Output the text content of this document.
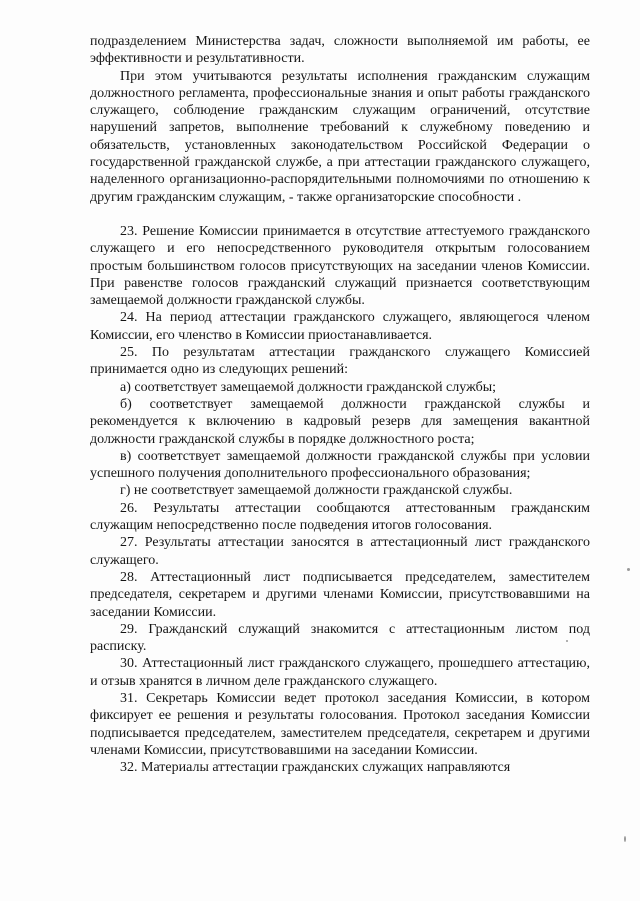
подразделением Министерства задач, сложности выполняемой им работы, ее эффективности и результативности.

При этом учитываются результаты исполнения гражданским служащим должностного регламента, профессиональные знания и опыт работы гражданского служащего, соблюдение гражданским служащим ограничений, отсутствие нарушений запретов, выполнение требований к служебному поведению и обязательств, установленных законодательством Российской Федерации о государственной гражданской службе, а при аттестации гражданского служащего, наделенного организационно-распорядительными полномочиями по отношению к другим гражданским служащим, - также организаторские способности .

23. Решение Комиссии принимается в отсутствие аттестуемого гражданского служащего и его непосредственного руководителя открытым голосованием простым большинством голосов присутствующих на заседании членов Комиссии. При равенстве голосов гражданский служащий признается соответствующим замещаемой должности гражданской службы.

24. На период аттестации гражданского служащего, являющегося членом Комиссии, его членство в Комиссии приостанавливается.

25. По результатам аттестации гражданского служащего Комиссией принимается одно из следующих решений:

а) соответствует замещаемой должности гражданской службы;

б) соответствует замещаемой должности гражданской службы и рекомендуется к включению в кадровый резерв для замещения вакантной должности гражданской службы в порядке должностного роста;

в) соответствует замещаемой должности гражданской службы при условии успешного получения дополнительного профессионального образования;

г) не соответствует замещаемой должности гражданской службы.

26. Результаты аттестации сообщаются аттестованным гражданским служащим непосредственно после подведения итогов голосования.

27. Результаты аттестации заносятся в аттестационный лист гражданского служащего.

28. Аттестационный лист подписывается председателем, заместителем председателя, секретарем и другими членами Комиссии, присутствовавшими на заседании Комиссии.

29. Гражданский служащий знакомится с аттестационным листом под расписку.

30. Аттестационный лист гражданского служащего, прошедшего аттестацию, и отзыв хранятся в личном деле гражданского служащего.

31. Секретарь Комиссии ведет протокол заседания Комиссии, в котором фиксирует ее решения и результаты голосования. Протокол заседания Комиссии подписывается председателем, заместителем председателя, секретарем и другими членами Комиссии, присутствовавшими на заседании Комиссии.

32. Материалы аттестации гражданских служащих направляются
